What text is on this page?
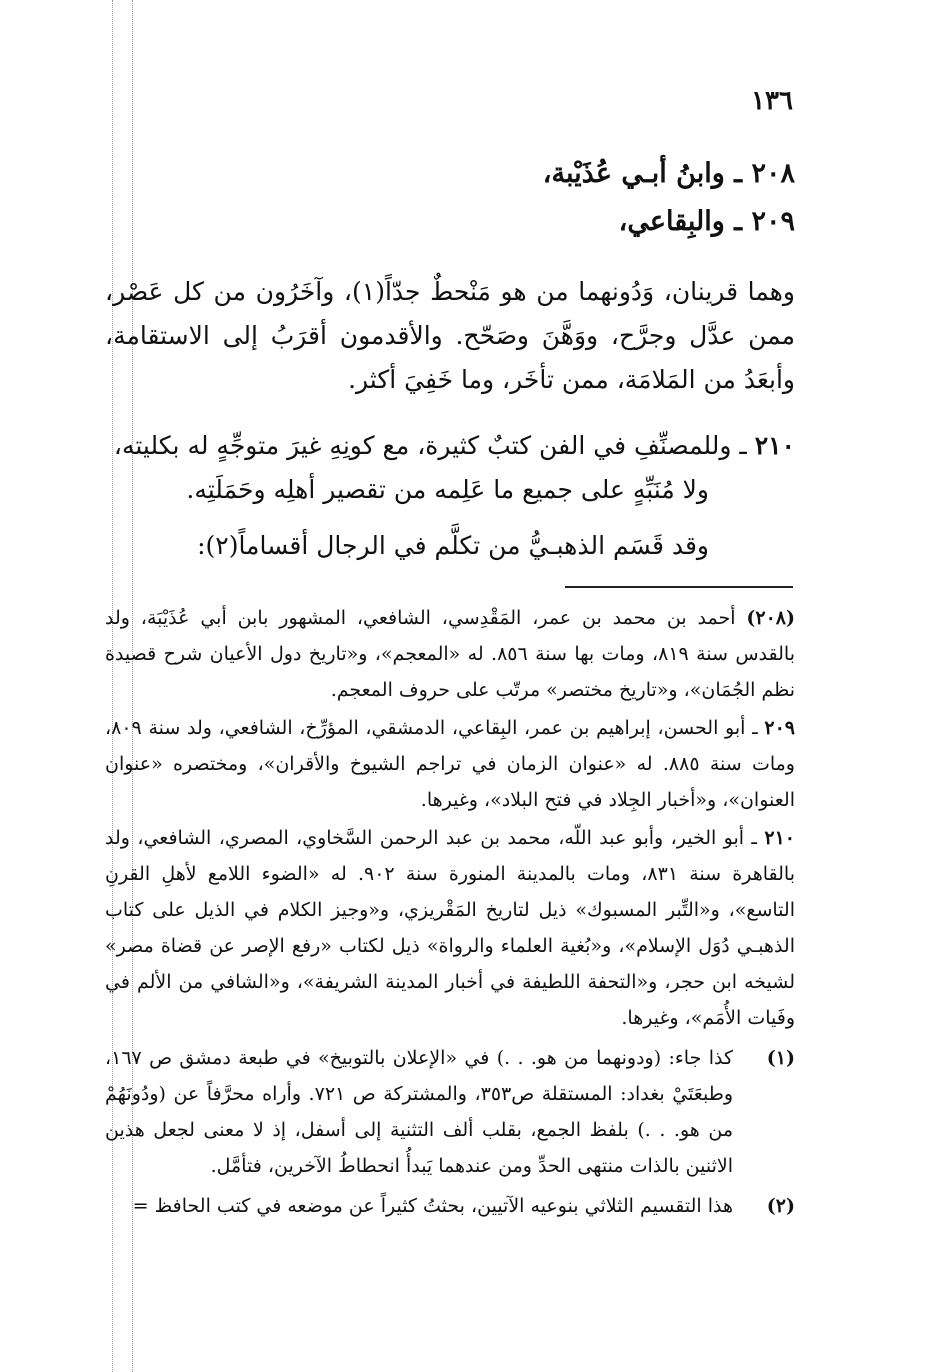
١٣٦

٢٠٨ ـ وابنُ أبـي عُذَيْبة،

٢٠٩ ـ والبِقاعي،

وهما قرينان، وَدُونهما من هو مَنْحطٌ جدّاً(١)، وآخَرُون من كل عَصْر، ممن عدَّل وجرَّح، ووَهَّنَ وصَحّح. والأقدمون أقرَبُ إلى الاستقامة، وأبعَدُ من المَلامَة، ممن تأخَر، وما خَفِيَ أكثر.

٢١٠ ـ وللمصنِّفِ في الفن كتبٌ كثيرة، مع كونِهِ غيرَ متوجِّهٍ له بكليته،

ولا مُنَبِّهٍ على جميع ما عَلِمه من تقصير أهلِه وحَمَلَتِه.

وقد قَسَم الذهبـيُّ من تكلَّم في الرجال أقساماً(٢):

(٢٠٨) أحمد بن محمد بن عمر، المَقْدِسي، الشافعي، المشهور بابن أبي عُذَيْبَة، ولد بالقدس سنة ٨١٩، ومات بها سنة ٨٥٦. له «المعجم»، و«تاريخ دول الأعيان شرح قصيدة نظم الجُمَان»، و«تاريخ مختصر» مرتّب على حروف المعجم.

٢٠٩ ـ أبو الحسن، إبراهيم بن عمر، البِقاعي، الدمشقي، المؤرِّخ، الشافعي، ولد سنة ٨٠٩، ومات سنة ٨٨٥. له «عنوان الزمان في تراجم الشيوخ والأقران»، ومختصره «عنوان العنوان»، و«أخبار الجِلاد في فتح البلاد»، وغيرها.

٢١٠ ـ أبو الخير، وأبو عبد اللّه، محمد بن عبد الرحمن السَّخاوي، المصري، الشافعي، ولد بالقاهرة سنة ٨٣١، ومات بالمدينة المنورة سنة ٩٠٢. له «الضوء اللامع لأهلِ القرنِ التاسع»، و«التِّبر المسبوك» ذيل لتاريخ المَقْريزي، و«وجيز الكلام في الذيل على كتاب الذهبـي دُوَل الإسلام»، و«بُغية العلماء والرواة» ذيل لكتاب «رفع الإصر عن قضاة مصر» لشيخه ابن حجر، و«التحفة اللطيفة في أخبار المدينة الشريفة»، و«الشافي من الألم في وفَيات الأُمَم»، وغيرها.

(١)
كذا جاء: (ودونهما من هو. . .) في «الإعلان بالتوبيخ» في طبعة دمشق ص ١٦٧، وطبعَتَيْ بغداد: المستقلة ص٣٥٣، والمشتركة ص ٧٢١. وأراه محرَّفاً عن (ودُونَهُمْ من هو. . .) بلفظ الجمع، بقلب ألف التثنية إلى أسفل، إذ لا معنى لجعل هذين الاثنين بالذات منتهى الحدِّ ومن عندهما يَبدأُ انحطاطُ الآخرين، فتأمَّل.

(٢)
هذا التقسيم الثلاثي بنوعيه الآتيين، بحثتُ كثيراً عن موضعه في كتب الحافظ =
